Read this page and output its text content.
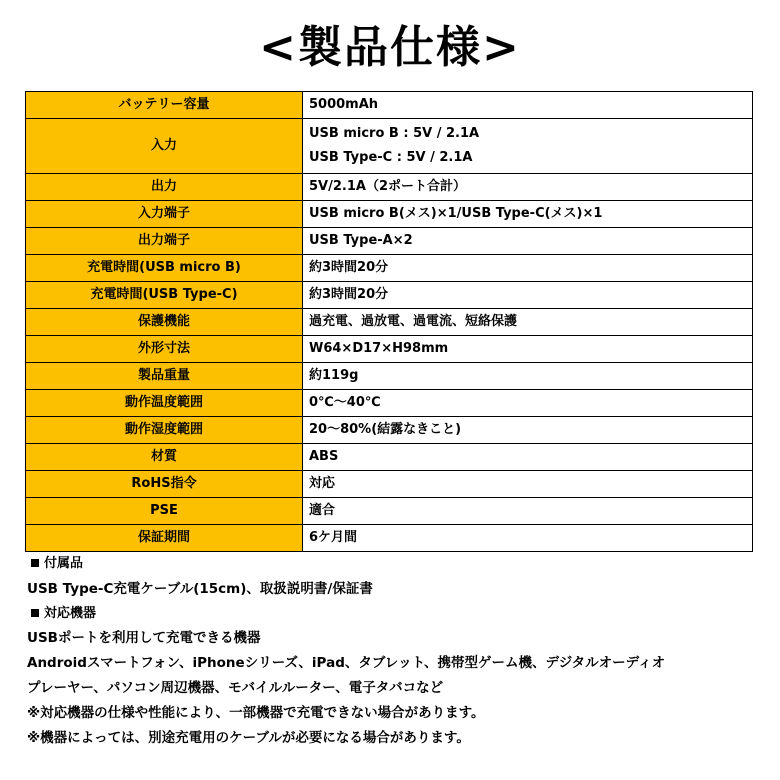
<製品仕様>
バッテリー容量	5000mAh

入力	USB micro B : 5V / 2.1A
USB Type-C : 5V / 2.1A

出力	5V/2.1A（2ポート合計）

入力端子	USB micro B(メス)×1/USB Type-C(メス)×1

出力端子	USB Type-A×2

充電時間(USB micro B)	約3時間20分

充電時間(USB Type-C)	約3時間20分

保護機能	過充電、過放電、過電流、短絡保護

外形寸法	W64×D17×H98mm

製品重量	約119g

動作温度範囲	0℃～40℃

動作湿度範囲	20～80%(結露なきこと)

材質	ABS

RoHS指令	対応

PSE	適合

保証期間	6ケ月間
付属品
USB Type-C充電ケーブル(15cm)、取扱説明書/保証書
対応機器
USBポートを利用して充電できる機器
Androidスマートフォン、iPhoneシリーズ、iPad、タブレット、携帯型ゲーム機、デジタルオーディオ
プレーヤー、パソコン周辺機器、モバイルルーター、電子タバコなど
※対応機器の仕様や性能により、一部機器で充電できない場合があります。
※機器によっては、別途充電用のケーブルが必要になる場合があります。
